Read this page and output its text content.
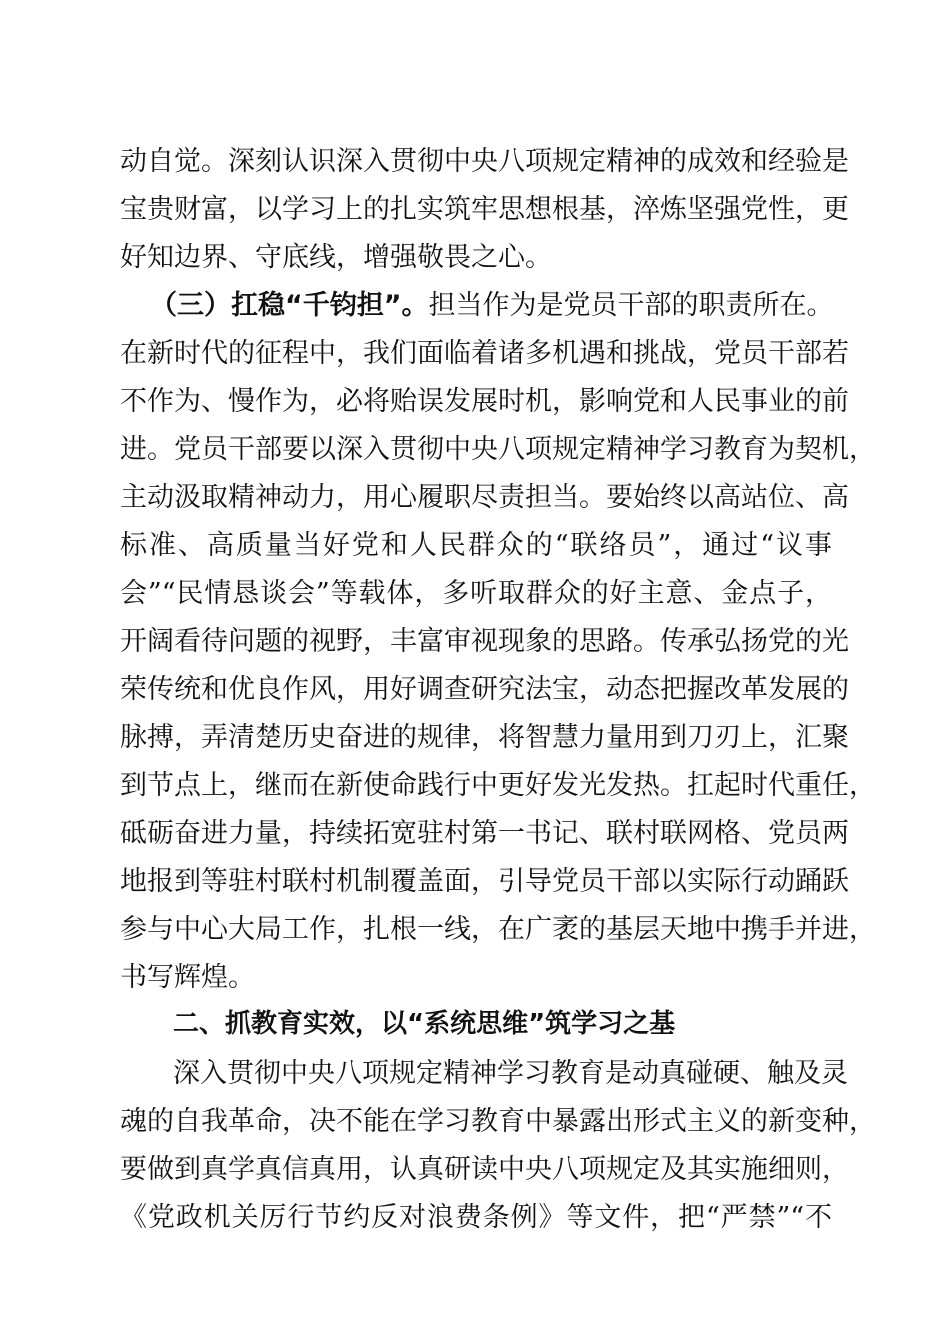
动自觉。深刻认识深入贯彻中央八项规定精神的成效和经验是
宝贵财富，以学习上的扎实筑牢思想根基，淬炼坚强党性，更
好知边界、守底线，增强敬畏之心。
（三）扛稳“千钧担”。担当作为是党员干部的职责所在。
在新时代的征程中，我们面临着诸多机遇和挑战，党员干部若
不作为、慢作为，必将贻误发展时机，影响党和人民事业的前
进。党员干部要以深入贯彻中央八项规定精神学习教育为契机，
主动汲取精神动力，用心履职尽责担当。要始终以高站位、高
标准、高质量当好党和人民群众的“联络员”，通过“议事
会”“民情恳谈会”等载体，多听取群众的好主意、金点子，
开阔看待问题的视野，丰富审视现象的思路。传承弘扬党的光
荣传统和优良作风，用好调查研究法宝，动态把握改革发展的
脉搏，弄清楚历史奋进的规律，将智慧力量用到刀刃上，汇聚
到节点上，继而在新使命践行中更好发光发热。扛起时代重任，
砥砺奋进力量，持续拓宽驻村第一书记、联村联网格、党员两
地报到等驻村联村机制覆盖面，引导党员干部以实际行动踊跃
参与中心大局工作，扎根一线，在广袤的基层天地中携手并进，
书写辉煌。
二、抓教育实效，以“系统思维”筑学习之基
深入贯彻中央八项规定精神学习教育是动真碰硬、触及灵
魂的自我革命，决不能在学习教育中暴露出形式主义的新变种，
要做到真学真信真用，认真研读中央八项规定及其实施细则，
《党政机关厉行节约反对浪费条例》等文件，把“严禁”“不
